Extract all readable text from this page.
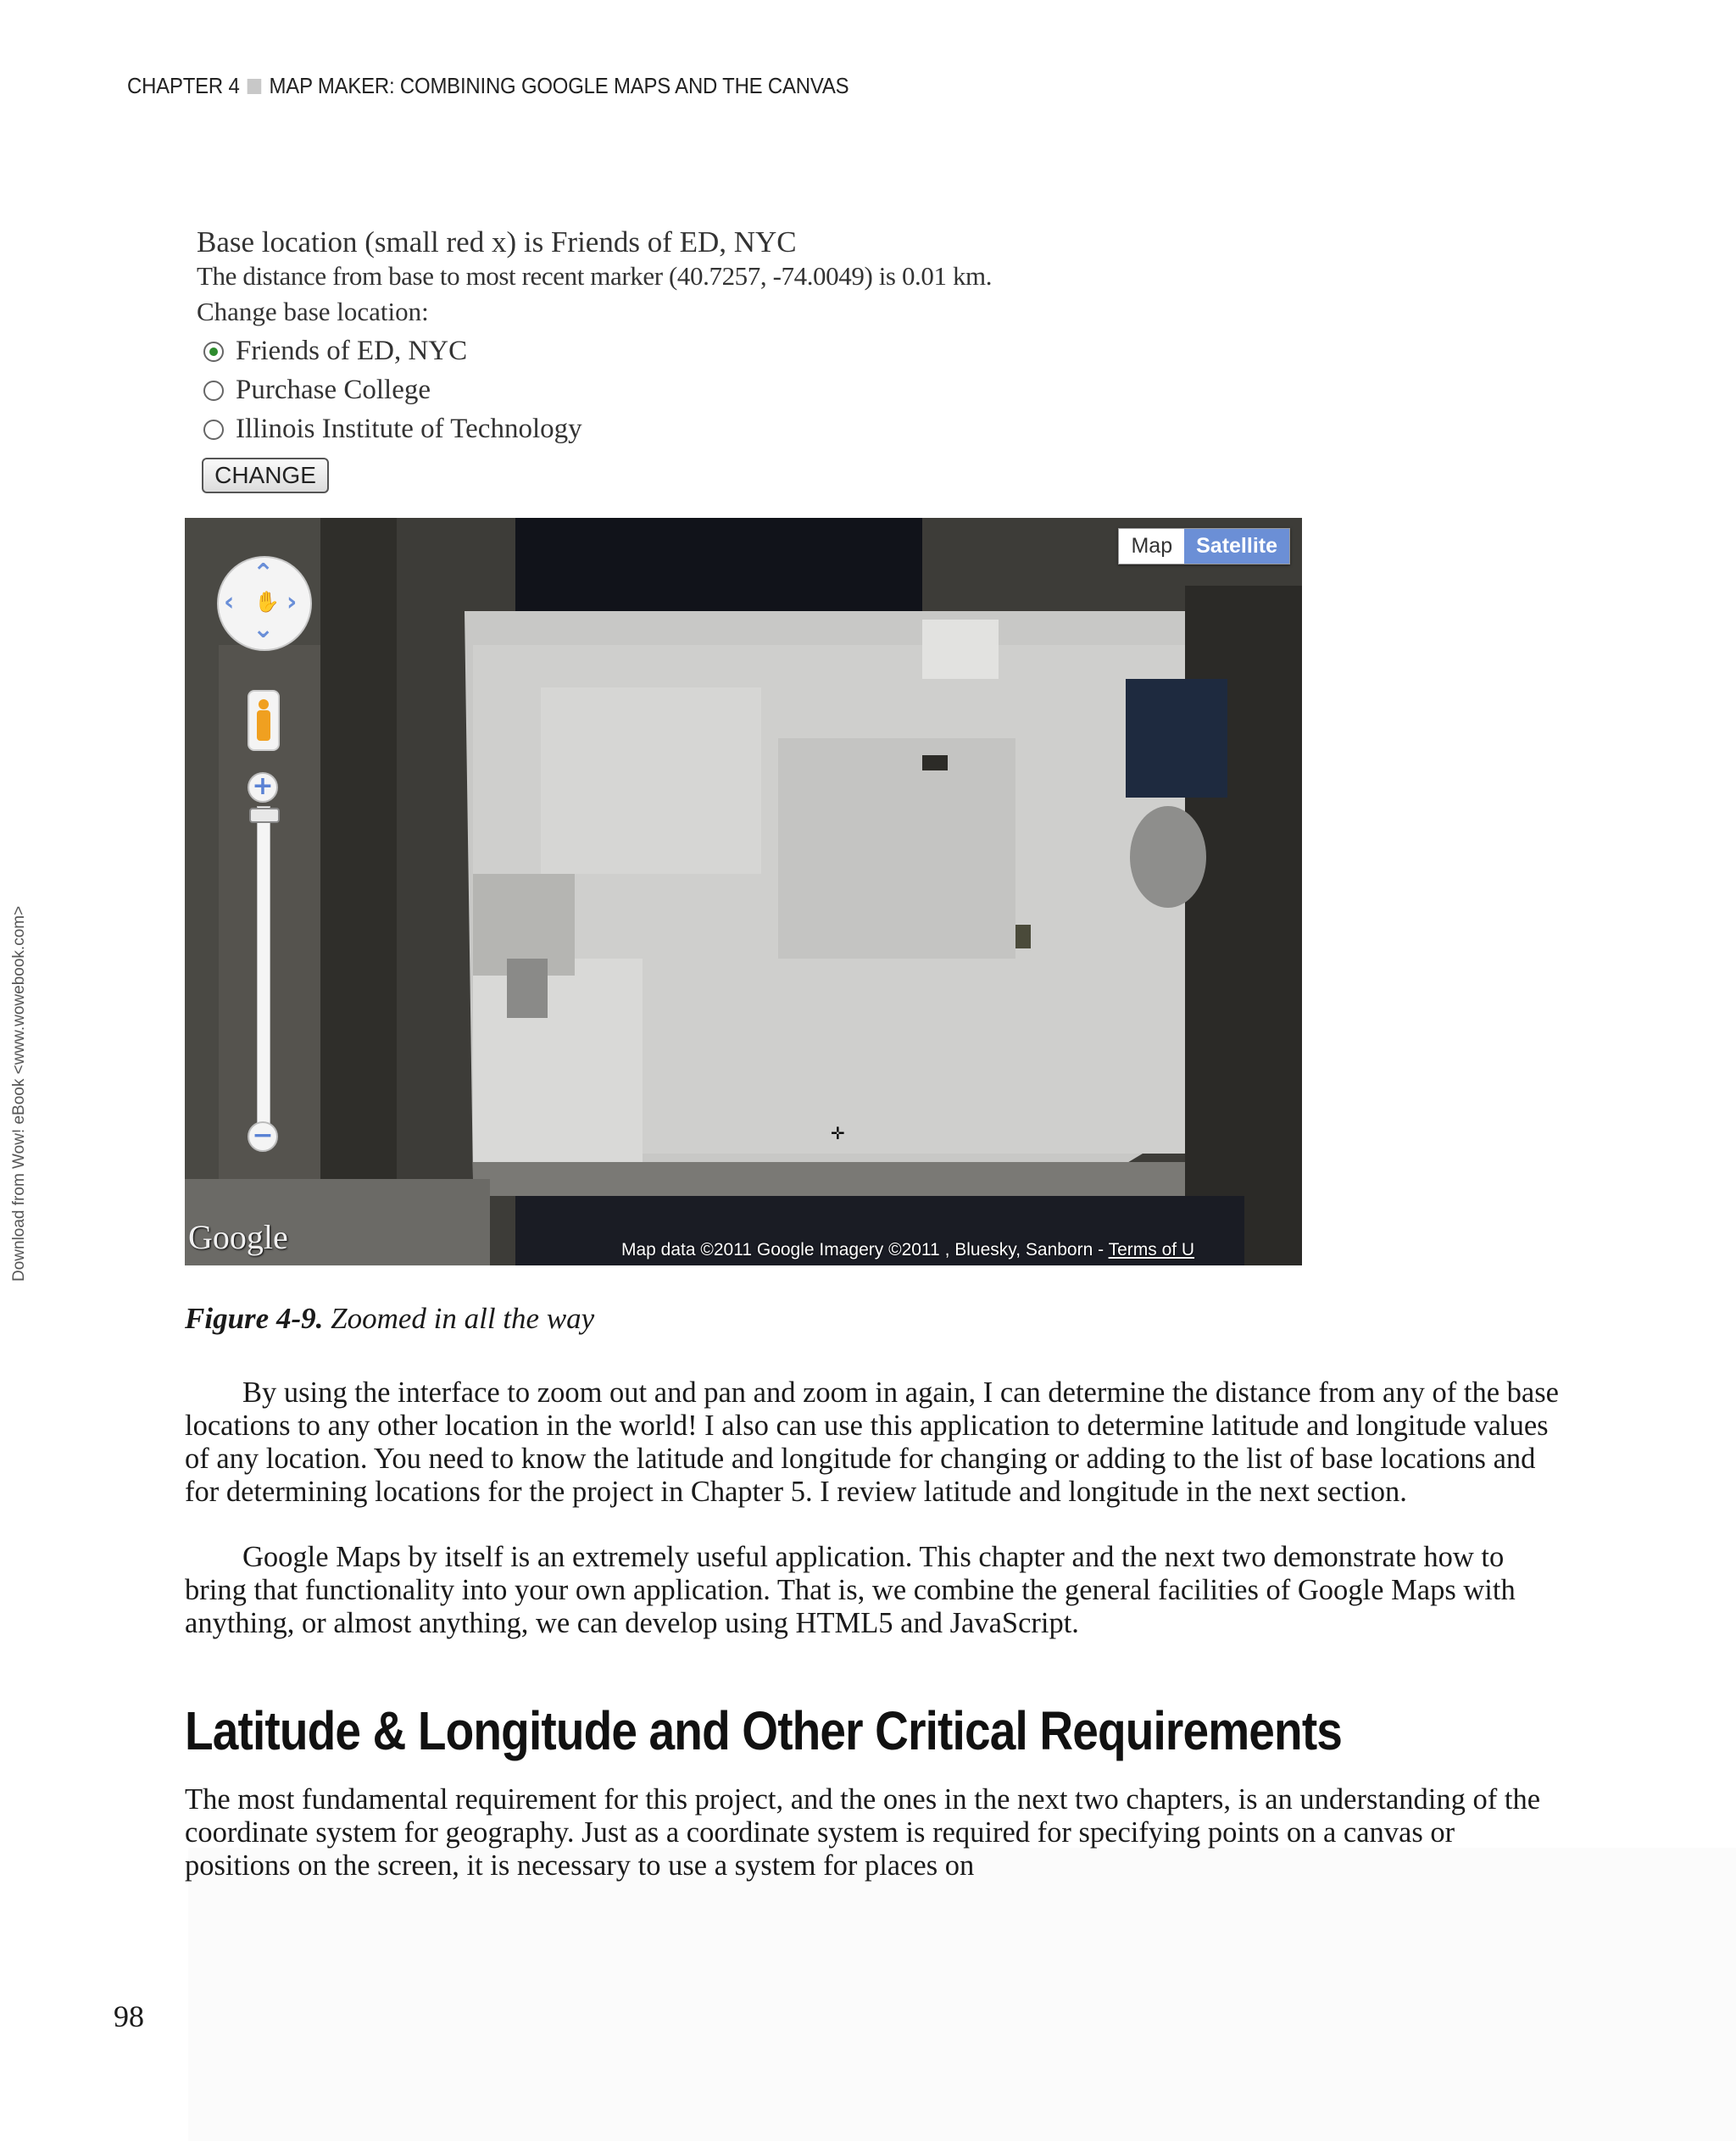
CHAPTER 4 MAP MAKER: COMBINING GOOGLE MAPS AND THE CANVAS
Download from Wow! eBook <www.wowebook.com>
Base location (small red x) is Friends of ED, NYC
The distance from base to most recent marker (40.7257, -74.0049) is 0.01 km.
Change base location:
Friends of ED, NYC
Purchase College
Illinois Institute of Technology
CHANGE
Map	Satellite
⌃
⌄
‹ ›
✋
+
−	✛
Google	Map data ©2011 Google Imagery ©2011 , Bluesky, Sanborn - Terms of U
Figure 4-9. Zoomed in all the way

By using the interface to zoom out and pan and zoom in again, I can determine the distance from any of the base locations to any other location in the world! I also can use this application to determine latitude and longitude values of any location. You need to know the latitude and longitude for changing or adding to the list of base locations and for determining locations for the project in Chapter 5. I review latitude and longitude in the next section.

Google Maps by itself is an extremely useful application. This chapter and the next two demonstrate how to bring that functionality into your own application. That is, we combine the general facilities of Google Maps with anything, or almost anything, we can develop using HTML5 and JavaScript.

Latitude & Longitude and Other Critical Requirements

The most fundamental requirement for this project, and the ones in the next two chapters, is an understanding of the coordinate system for geography. Just as a coordinate system is required for specifying points on a canvas or positions on the screen, it is necessary to use a system for places on

98
